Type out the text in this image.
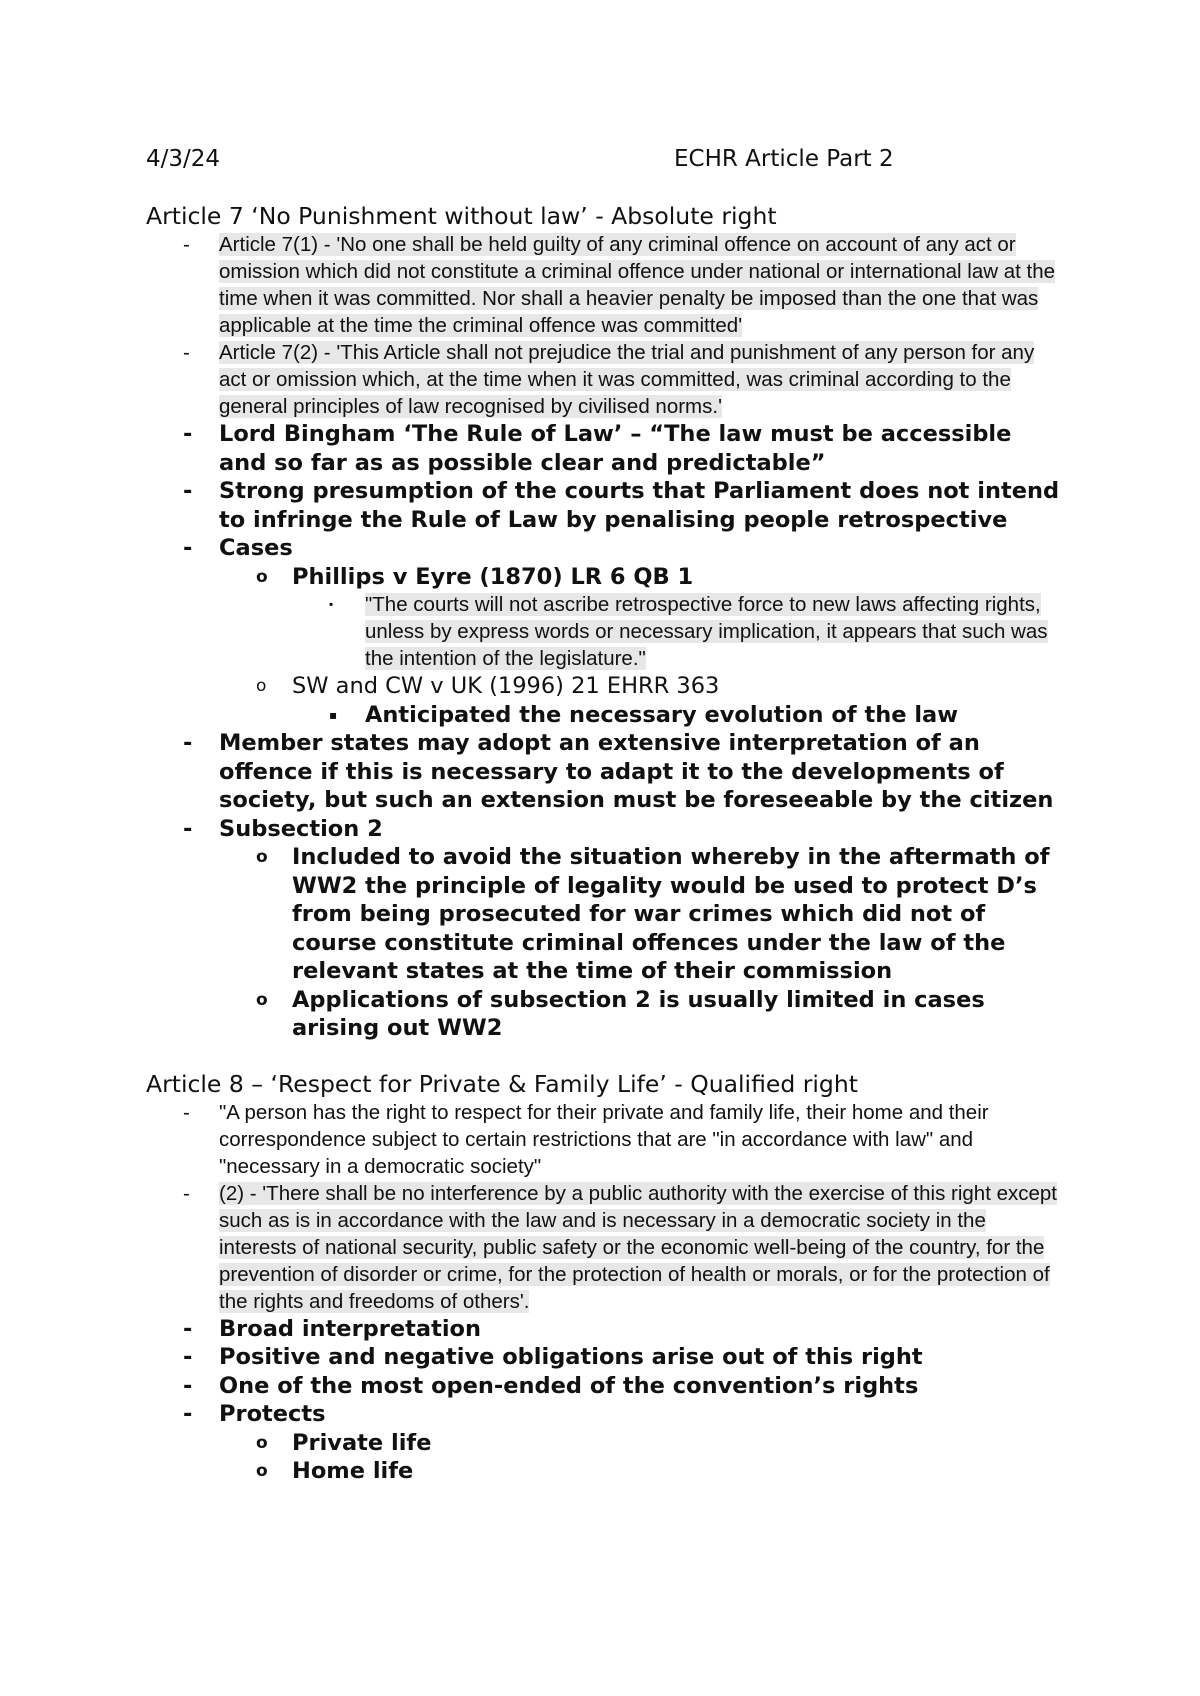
4/3/24	ECHR Article Part 2

Article 7 ‘No Punishment without law’ - Absolute right

- Article 7(1) - 'No one shall be held guilty of any criminal offence on account of any act or omission which did not constitute a criminal offence under national or international law at the time when it was committed. Nor shall a heavier penalty be imposed than the one that was applicable at the time the criminal offence was committed'
- Article 7(2) - 'This Article shall not prejudice the trial and punishment of any person for any act or omission which, at the time when it was committed, was criminal according to the general principles of law recognised by civilised norms.'
- Lord Bingham ‘The Rule of Law’ – “The law must be accessible and so far as as possible clear and predictable”
- Strong presumption of the courts that Parliament does not intend to infringe the Rule of Law by penalising people retrospective
- Cases
o Phillips v Eyre (1870) LR 6 QB 1
▪ "The courts will not ascribe retrospective force to new laws affecting rights, unless by express words or necessary implication, it appears that such was the intention of the legislature."
o SW and CW v UK (1996) 21 EHRR 363
▪ Anticipated the necessary evolution of the law
- Member states may adopt an extensive interpretation of an offence if this is necessary to adapt it to the developments of society, but such an extension must be foreseeable by the citizen
- Subsection 2
o Included to avoid the situation whereby in the aftermath of WW2 the principle of legality would be used to protect D’s from being prosecuted for war crimes which did not of course constitute criminal offences under the law of the relevant states at the time of their commission
o Applications of subsection 2 is usually limited in cases arising out WW2

Article 8 – ‘Respect for Private & Family Life’ - Qualified right

- "A person has the right to respect for their private and family life, their home and their correspondence subject to certain restrictions that are "in accordance with law" and "necessary in a democratic society"
- (2) - 'There shall be no interference by a public authority with the exercise of this right except such as is in accordance with the law and is necessary in a democratic society in the interests of national security, public safety or the economic well-being of the country, for the prevention of disorder or crime, for the protection of health or morals, or for the protection of the rights and freedoms of others'.
- Broad interpretation
- Positive and negative obligations arise out of this right
- One of the most open-ended of the convention’s rights
- Protects
o Private life
o Home life
